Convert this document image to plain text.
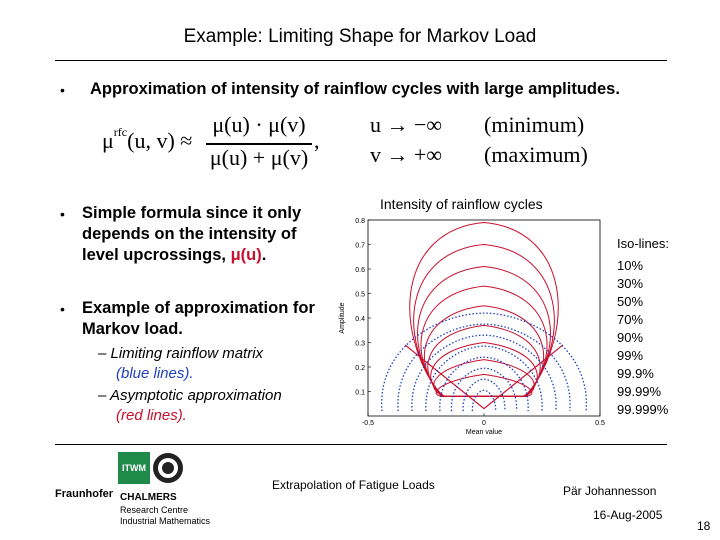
Example: Limiting Shape for Markov Load
• Approximation of intensity of rainflow cycles with large amplitudes.
$\mu^{rfc}(u$, v) ≈
μ(u) · μ(v)
μ(u) + μ(v)
,
u → −∞ (minimum)
v → +∞ (maximum)
• Simple formula since it only
depends on the intensity of
level upcrossings, μ(u).
• Example of approximation for
Markov load.
– Limiting rainflow matrix
(blue lines).
– Asymptotic approximation
(red lines).
Intensity of rainflow cycles
0.1
0.2
0.3
0.4
0.5
0.6
0.7
0.8
-0.5	0	0.5
Mean value
Amplitude
Iso-lines:
10%
30%
50%
70%
90%
99%
99.9%
99.99%
99.999%
ITWM
Fraunhofer CHALMERS
Research Centre
Industrial Mathematics
Extrapolation of Fatigue Loads	Pär Johannesson
16-Aug-2005
18
